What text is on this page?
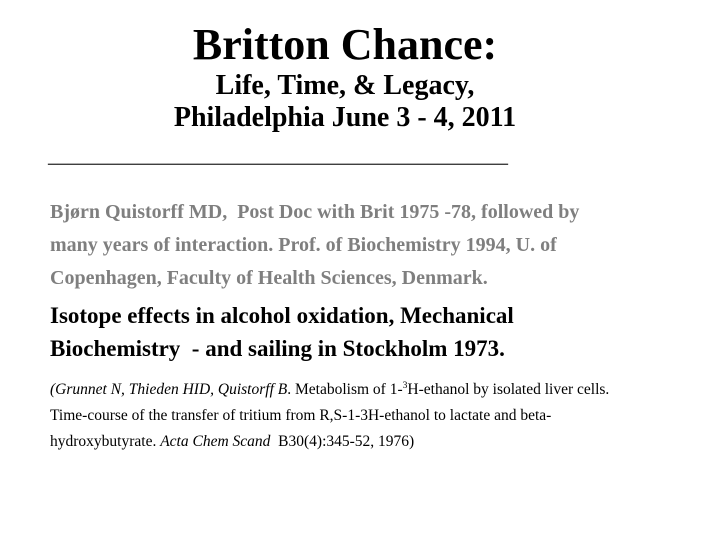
Britton Chance:
Life, Time, & Legacy,
Philadelphia June 3 - 4, 2011
______________________________________________
Bjørn Quistorff MD,  Post Doc with Brit 1975 -78, followed by
many years of interaction. Prof. of Biochemistry 1994, U. of
Copenhagen, Faculty of Health Sciences, Denmark.
Isotope effects in alcohol oxidation, Mechanical
Biochemistry  - and sailing in Stockholm 1973.
(Grunnet N, Thieden HID, Quistorff B. Metabolism of 1-$^3$H-ethanol by isolated liver cells. Time-course of the transfer of tritium from R,S-1-3H-ethanol to lactate and beta-hydroxybutyrate. Acta Chem Scand  B30(4):345-52, 1976)
